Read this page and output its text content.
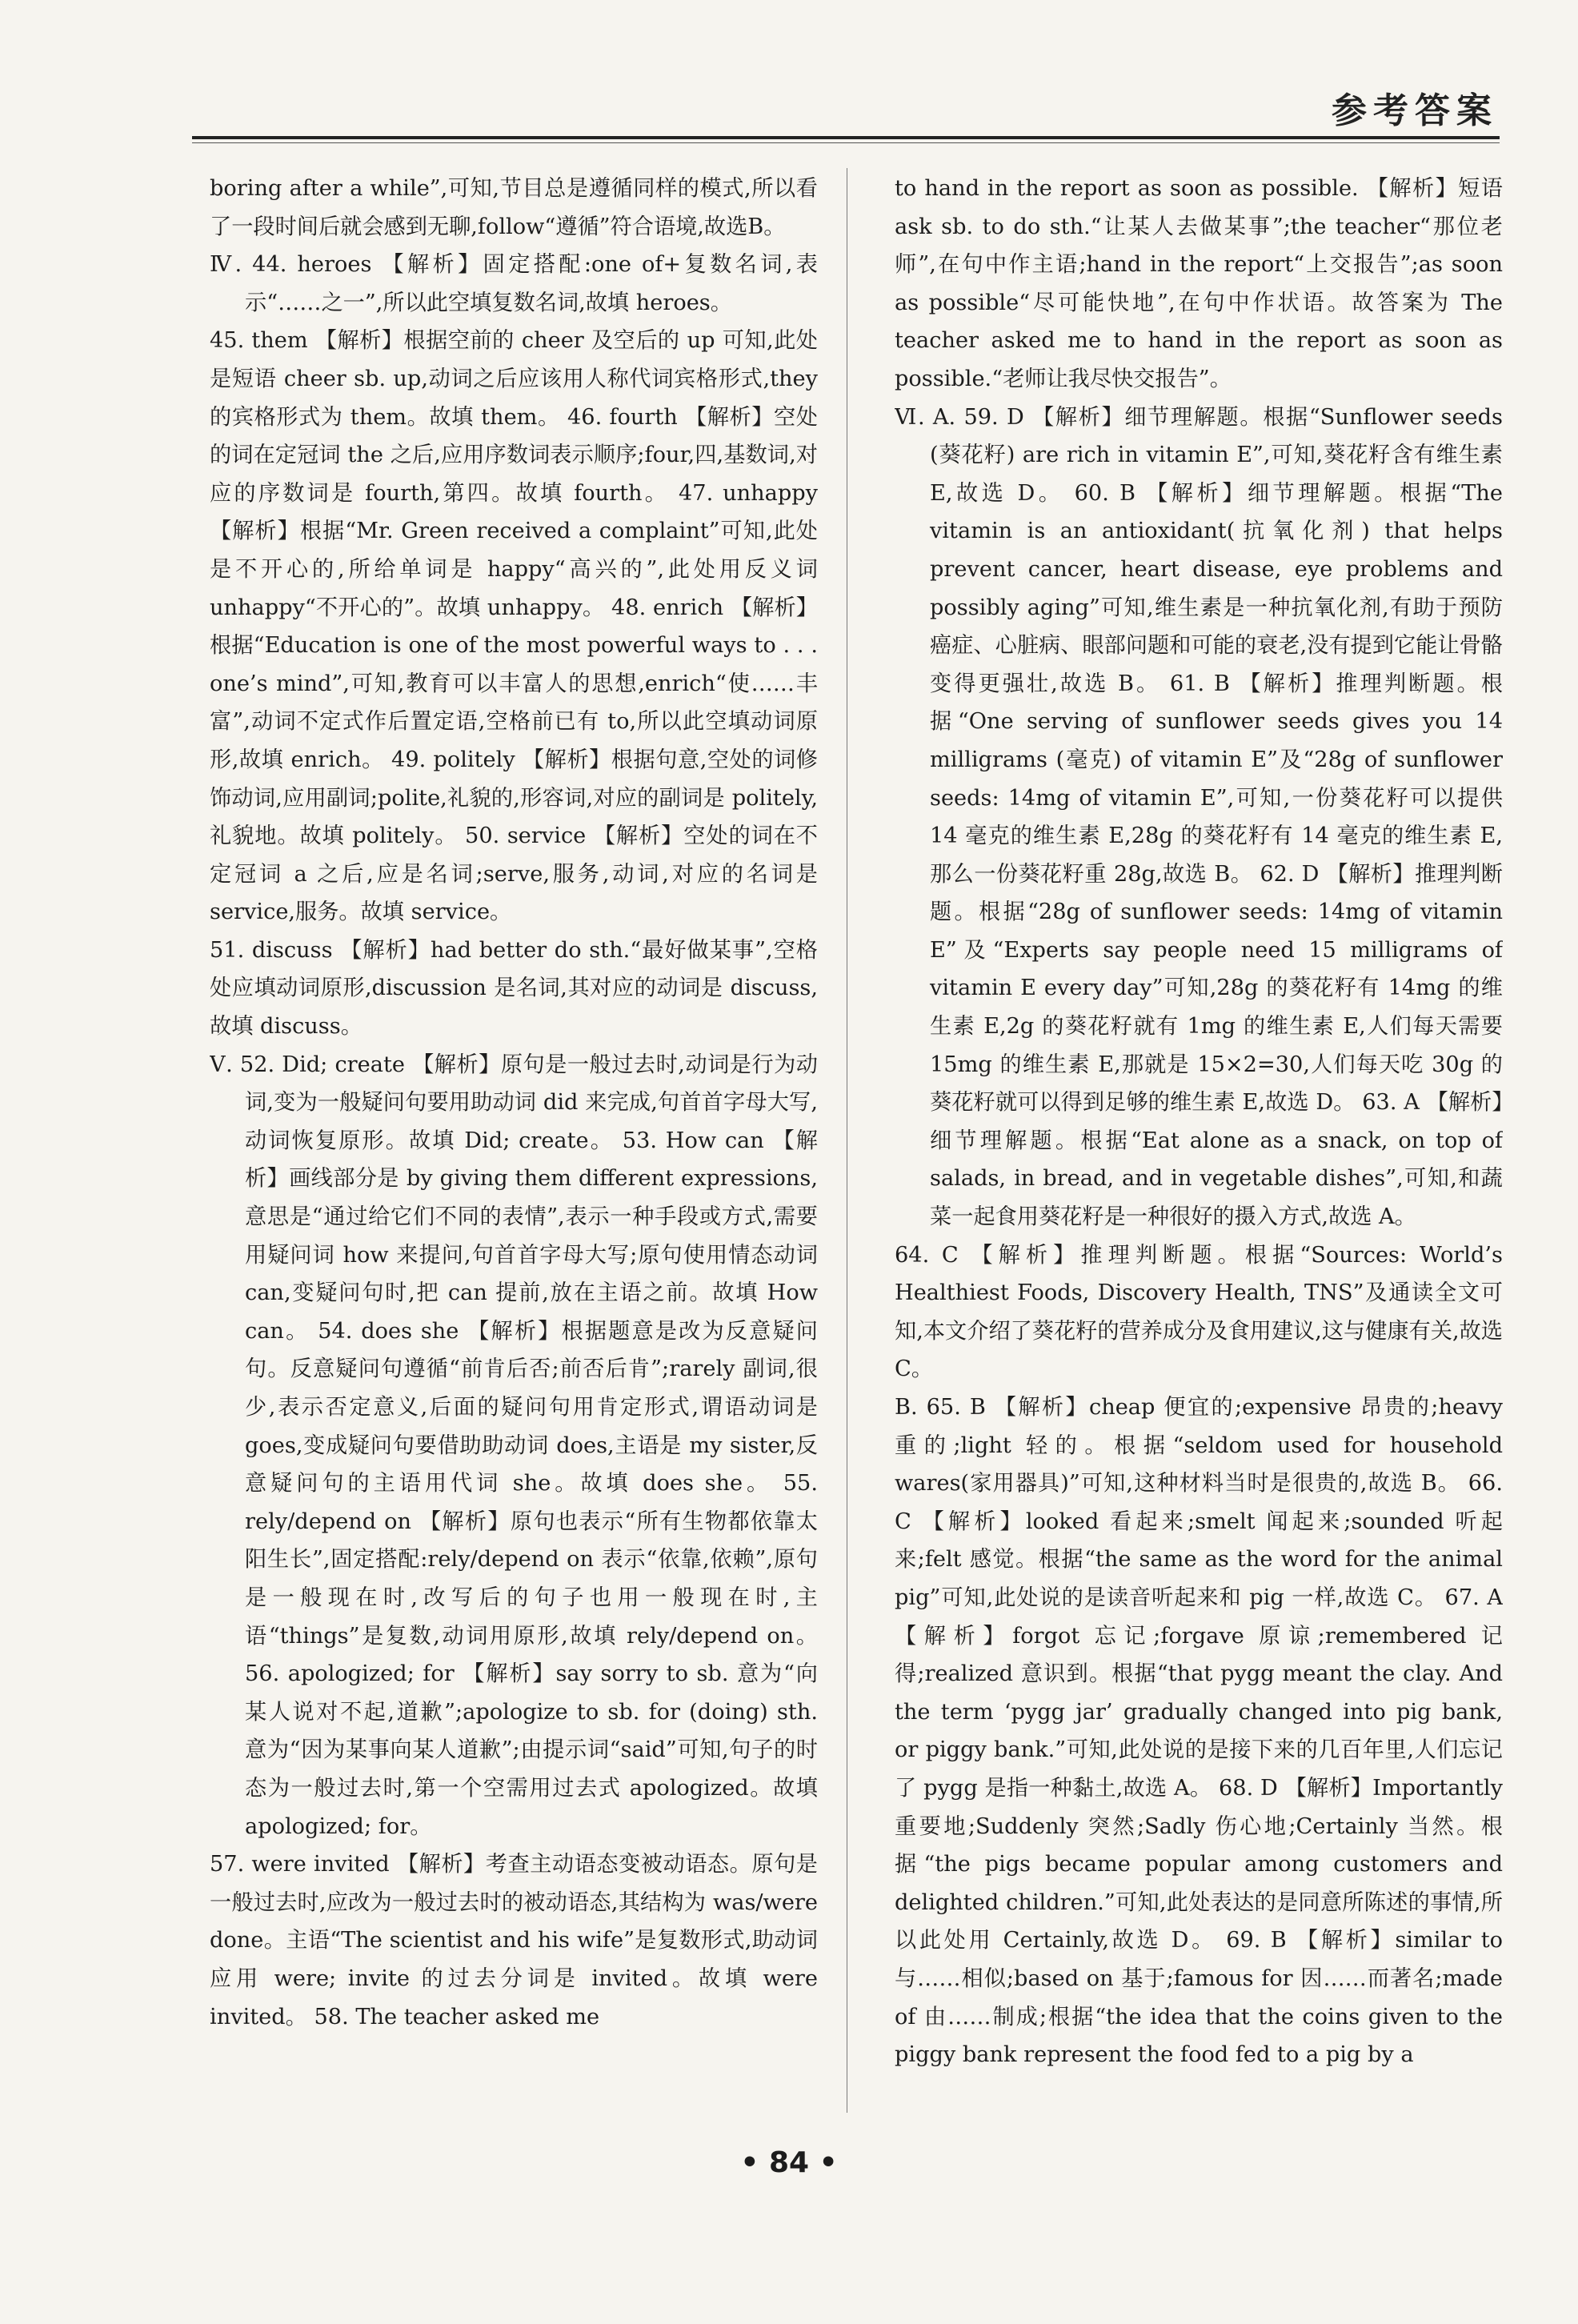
参考答案

boring after a while”,可知,节目总是遵循同样的模式,所以看了一段时间后就会感到无聊,follow“遵循”符合语境,故选B。

Ⅳ. 44. heroes 【解析】固定搭配:one of+复数名词,表示“……之一”,所以此空填复数名词,故填 heroes。

45. them 【解析】根据空前的 cheer 及空后的 up 可知,此处是短语 cheer sb. up,动词之后应该用人称代词宾格形式,they 的宾格形式为 them。故填 them。 46. fourth 【解析】空处的词在定冠词 the 之后,应用序数词表示顺序;four,四,基数词,对应的序数词是 fourth,第四。故填 fourth。 47. unhappy 【解析】根据“Mr. Green received a complaint”可知,此处是不开心的,所给单词是 happy“高兴的”,此处用反义词 unhappy“不开心的”。故填 unhappy。 48. enrich 【解析】根据“Education is one of the most powerful ways to . . . one’s mind”,可知,教育可以丰富人的思想,enrich“使……丰富”,动词不定式作后置定语,空格前已有 to,所以此空填动词原形,故填 enrich。 49. politely 【解析】根据句意,空处的词修饰动词,应用副词;polite,礼貌的,形容词,对应的副词是 politely,礼貌地。故填 politely。 50. service 【解析】空处的词在不定冠词 a 之后,应是名词;serve,服务,动词,对应的名词是 service,服务。故填 service。

51. discuss 【解析】had better do sth.“最好做某事”,空格处应填动词原形,discussion 是名词,其对应的动词是 discuss,故填 discuss。

Ⅴ. 52. Did; create 【解析】原句是一般过去时,动词是行为动词,变为一般疑问句要用助动词 did 来完成,句首首字母大写,动词恢复原形。故填 Did; create。 53. How can 【解析】画线部分是 by giving them different expressions,意思是“通过给它们不同的表情”,表示一种手段或方式,需要用疑问词 how 来提问,句首首字母大写;原句使用情态动词 can,变疑问句时,把 can 提前,放在主语之前。故填 How can。 54. does she 【解析】根据题意是改为反意疑问句。反意疑问句遵循“前肯后否;前否后肯”;rarely 副词,很少,表示否定意义,后面的疑问句用肯定形式,谓语动词是 goes,变成疑问句要借助助动词 does,主语是 my sister,反意疑问句的主语用代词 she。故填 does she。 55. rely/depend on 【解析】原句也表示“所有生物都依靠太阳生长”,固定搭配:rely/depend on 表示“依靠,依赖”,原句是一般现在时,改写后的句子也用一般现在时,主语“things”是复数,动词用原形,故填 rely/depend on。 56. apologized; for 【解析】say sorry to sb. 意为“向某人说对不起,道歉”;apologize to sb. for (doing) sth. 意为“因为某事向某人道歉”;由提示词“said”可知,句子的时态为一般过去时,第一个空需用过去式 apologized。故填 apologized; for。

57. were invited 【解析】考查主动语态变被动语态。原句是一般过去时,应改为一般过去时的被动语态,其结构为 was/were done。主语“The scientist and his wife”是复数形式,助动词应用 were; invite 的过去分词是 invited。故填 were invited。 58. The teacher asked me

to hand in the report as soon as possible. 【解析】短语 ask sb. to do sth.“让某人去做某事”;the teacher“那位老师”,在句中作主语;hand in the report“上交报告”;as soon as possible“尽可能快地”,在句中作状语。故答案为 The teacher asked me to hand in the report as soon as possible.“老师让我尽快交报告”。

Ⅵ. A. 59. D 【解析】细节理解题。根据“Sunflower seeds (葵花籽) are rich in vitamin E”,可知,葵花籽含有维生素 E,故选 D。 60. B 【解析】细节理解题。根据“The vitamin is an antioxidant(抗氧化剂) that helps prevent cancer, heart disease, eye problems and possibly aging”可知,维生素是一种抗氧化剂,有助于预防癌症、心脏病、眼部问题和可能的衰老,没有提到它能让骨骼变得更强壮,故选 B。 61. B 【解析】推理判断题。根据“One serving of sunflower seeds gives you 14 milligrams (毫克) of vitamin E”及“28g of sunflower seeds: 14mg of vitamin E”,可知,一份葵花籽可以提供 14 毫克的维生素 E,28g 的葵花籽有 14 毫克的维生素 E,那么一份葵花籽重 28g,故选 B。 62. D 【解析】推理判断题。根据“28g of sunflower seeds: 14mg of vitamin E”及“Experts say people need 15 milligrams of vitamin E every day”可知,28g 的葵花籽有 14mg 的维生素 E,2g 的葵花籽就有 1mg 的维生素 E,人们每天需要 15mg 的维生素 E,那就是 15×2=30,人们每天吃 30g 的葵花籽就可以得到足够的维生素 E,故选 D。 63. A 【解析】细节理解题。根据“Eat alone as a snack, on top of salads, in bread, and in vegetable dishes”,可知,和蔬菜一起食用葵花籽是一种很好的摄入方式,故选 A。

64. C 【解析】推理判断题。根据“Sources: World’s Healthiest Foods, Discovery Health, TNS”及通读全文可知,本文介绍了葵花籽的营养成分及食用建议,这与健康有关,故选 C。

B. 65. B 【解析】cheap 便宜的;expensive 昂贵的;heavy 重的;light 轻的。根据“seldom used for household wares(家用器具)”可知,这种材料当时是很贵的,故选 B。 66. C 【解析】looked 看起来;smelt 闻起来;sounded 听起来;felt 感觉。根据“the same as the word for the animal pig”可知,此处说的是读音听起来和 pig 一样,故选 C。 67. A 【解析】forgot 忘记;forgave 原谅;remembered 记得;realized 意识到。根据“that pygg meant the clay. And the term ‘pygg jar’ gradually changed into pig bank, or piggy bank.”可知,此处说的是接下来的几百年里,人们忘记了 pygg 是指一种黏土,故选 A。 68. D 【解析】Importantly 重要地;Suddenly 突然;Sadly 伤心地;Certainly 当然。根据“the pigs became popular among customers and delighted children.”可知,此处表达的是同意所陈述的事情,所以此处用 Certainly,故选 D。 69. B 【解析】similar to 与……相似;based on 基于;famous for 因……而著名;made of 由……制成;根据“the idea that the coins given to the piggy bank represent the food fed to a pig by a

• 84 •
